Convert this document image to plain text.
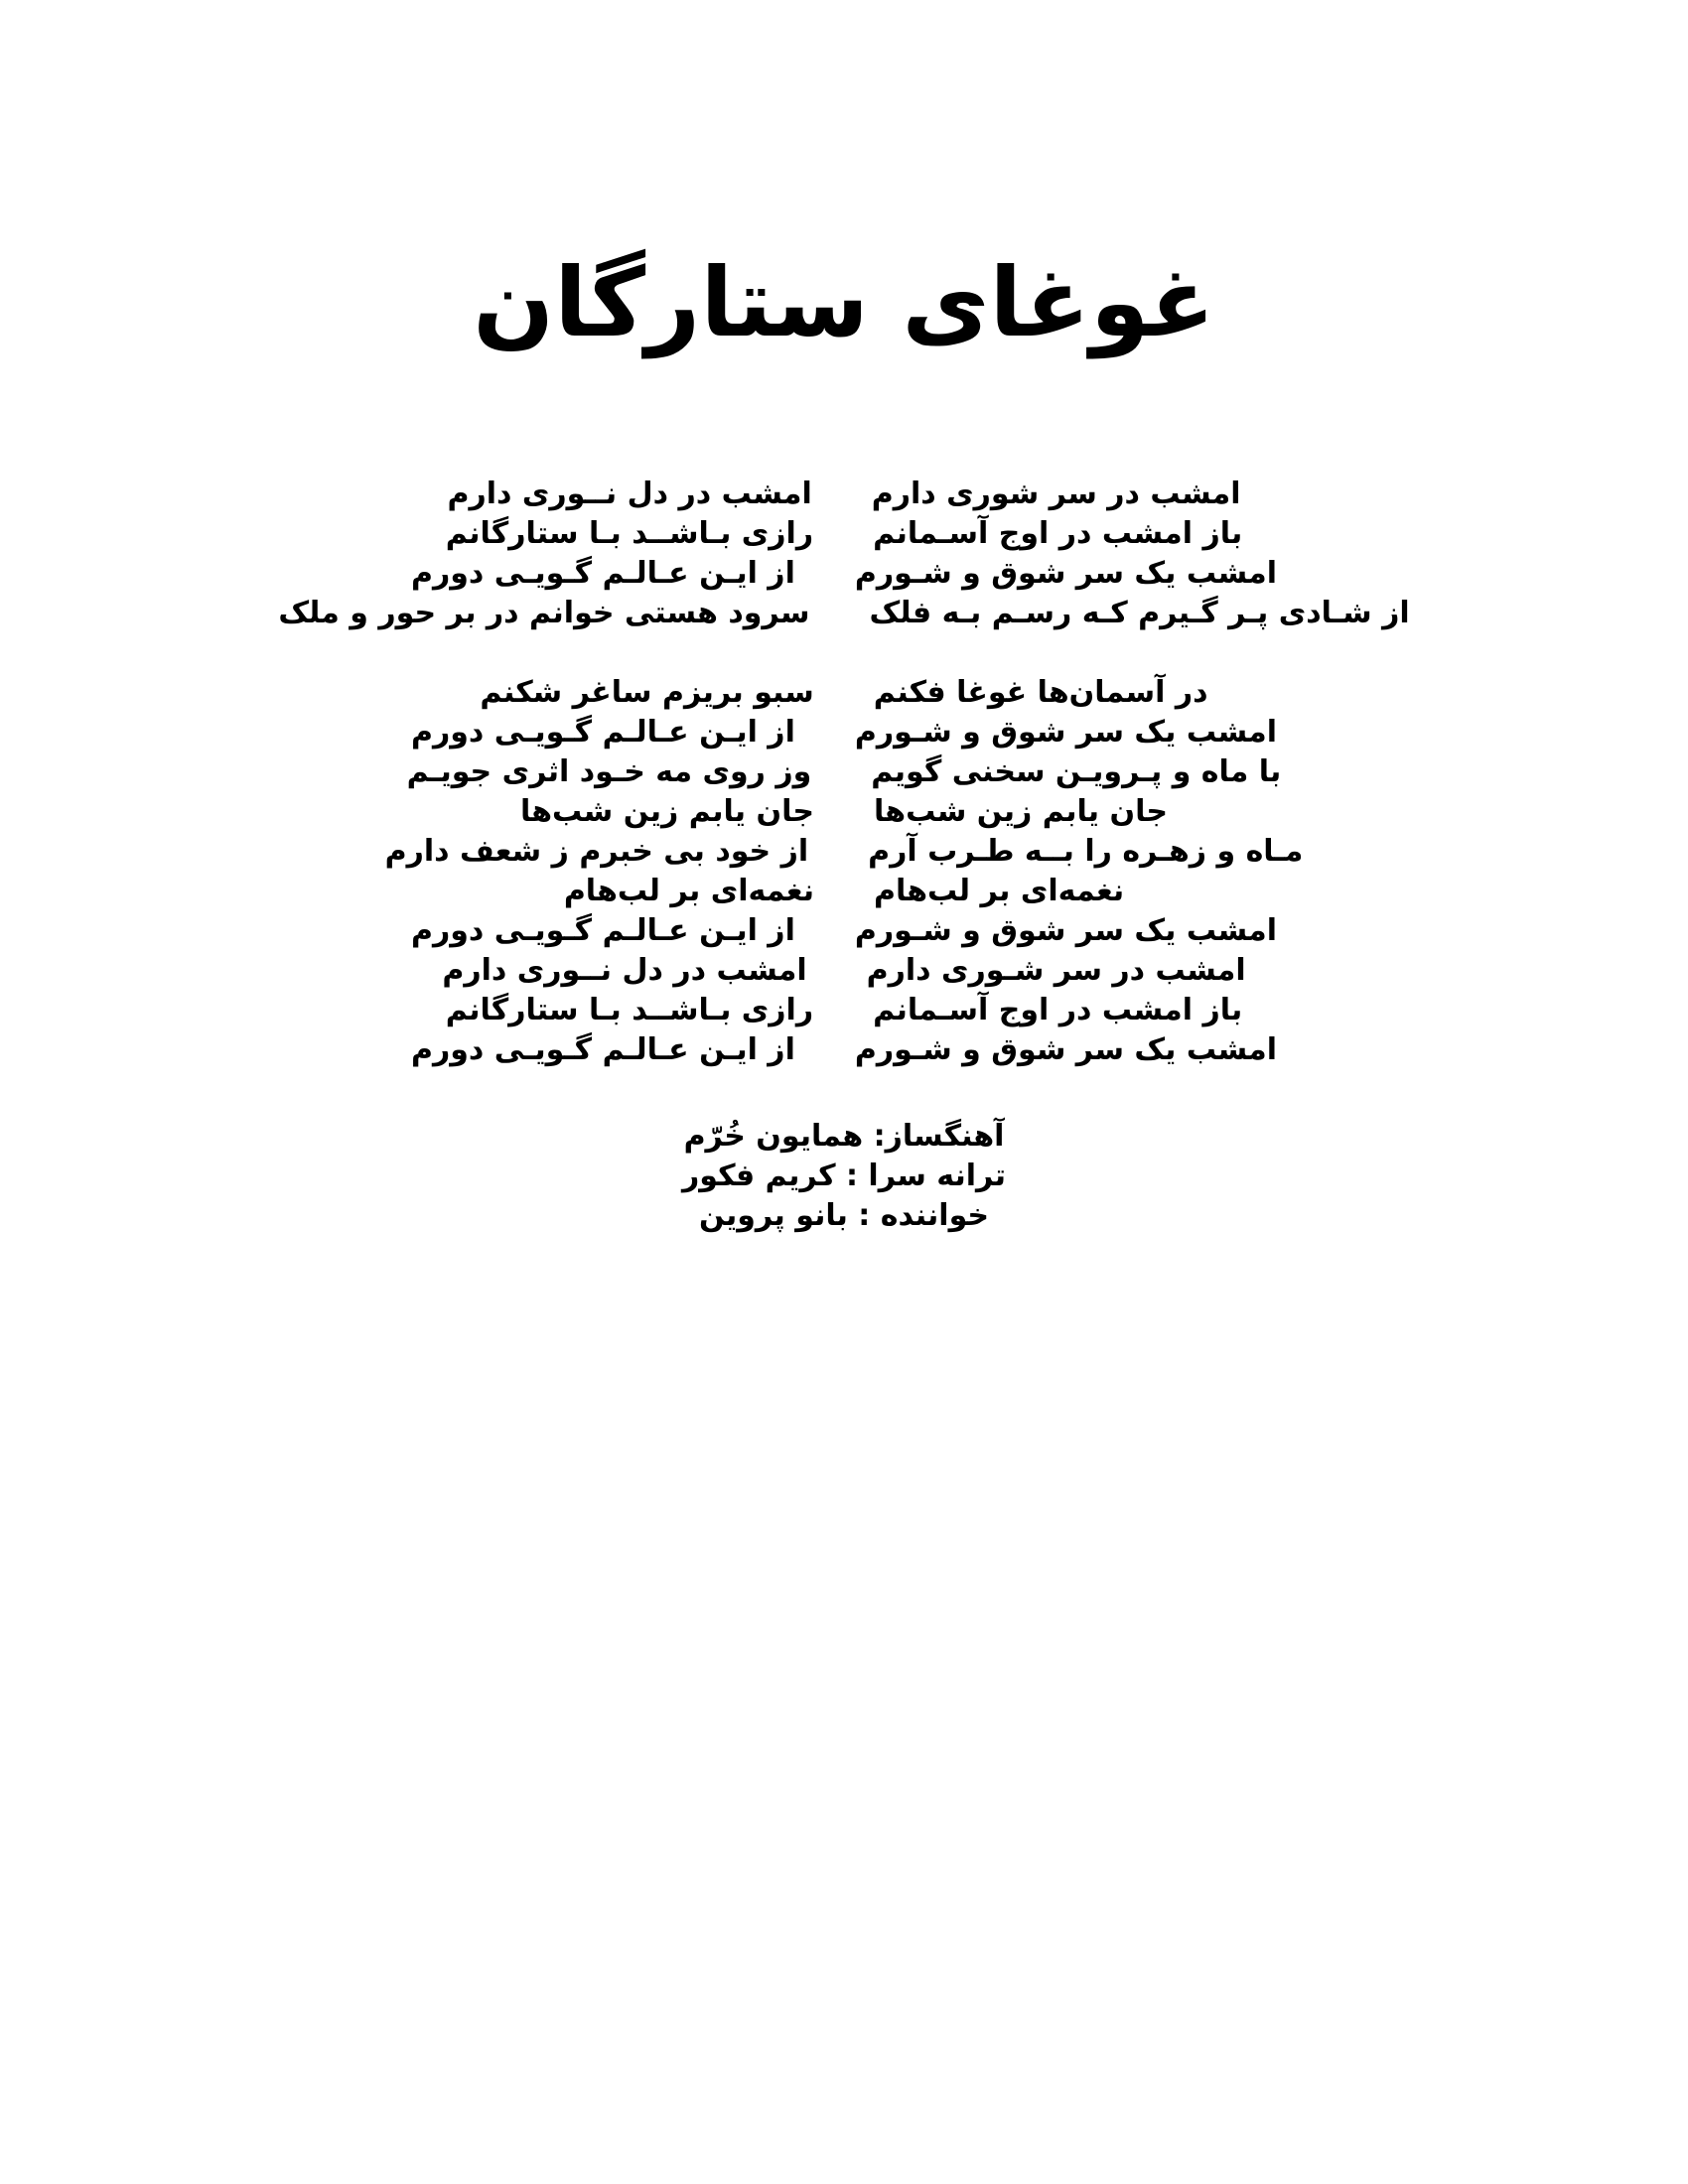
غوغای ستارگان
امشب در سر شوری دارمامشب در دل نــوری دارم
باز امشب در اوج آسـمانمرازی بـاشــد بـا ستارگانم
امشب یک سر شوق و شـورماز ایـن عـالـم گـویـی دورم
از شـادی پـر گـیرم کـه رسـم بـه فلکسرود هستی خوانم در بر حور و ملک
در آسمان‌ها غوغا فکنمسبو بریزم ساغر شکنم
امشب یک سر شوق و شـورماز ایـن عـالـم گـویـی دورم
با ماه و پـرویـن سخنی گویموز روی مه خـود اثری جویـم
جان یابم زین شب‌هاجان یابم زین شب‌ها
مـاه و زهـره را بــه طـرب آرماز خود بی خبرم ز شعف دارم
نغمه‌ای بر لب‌هامنغمه‌ای بر لب‌هام
امشب یک سر شوق و شـورماز ایـن عـالـم گـویـی دورم
امشب در سر شـوری دارمامشب در دل نــوری دارم
باز امشب در اوج آسـمانمرازی بـاشــد بـا ستارگانم
امشب یک سر شوق و شـورماز ایـن عـالـم گـویـی دورم
آهنگساز: همایون خُرّم
ترانه سرا : کریم فکور
خواننده : بانو پروین
